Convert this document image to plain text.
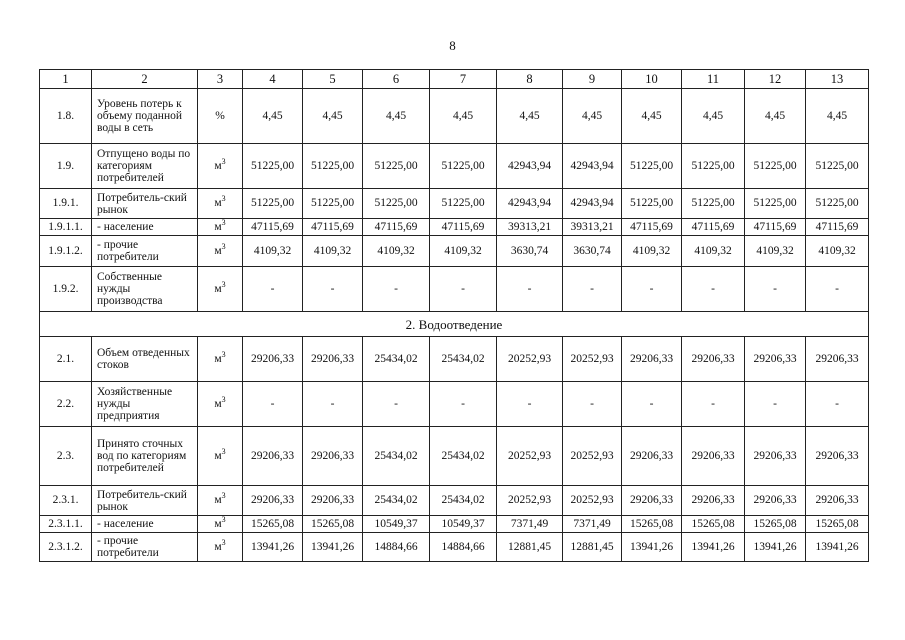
8
1	2	3	4	5	6	7	8	9	10	11	12	13
1.8.	Уровень потерь к объему поданной воды в сеть	%	4,45	4,45	4,45	4,45	4,45	4,45	4,45	4,45	4,45	4,45
1.9.	Отпущено воды по категориям потребителей	$м^3$	51225,00	51225,00	51225,00	51225,00	42943,94	42943,94	51225,00	51225,00	51225,00	51225,00
1.9.1.	Потребитель-ский рынок	$м^3$	51225,00	51225,00	51225,00	51225,00	42943,94	42943,94	51225,00	51225,00	51225,00	51225,00
1.9.1.1.	- население	$м^3$	47115,69	47115,69	47115,69	47115,69	39313,21	39313,21	47115,69	47115,69	47115,69	47115,69
1.9.1.2.	- прочие потребители	$м^3$	4109,32	4109,32	4109,32	4109,32	3630,74	3630,74	4109,32	4109,32	4109,32	4109,32
1.9.2.	Собственные нужды производства	$м^3$	-	-	-	-	-	-	-	-	-	-
2. Водоотведение												
2.1.	Объем отведенных стоков	$м^3$	29206,33	29206,33	25434,02	25434,02	20252,93	20252,93	29206,33	29206,33	29206,33	29206,33
2.2.	Хозяйственные нужды предприятия	$м^3$	-	-	-	-	-	-	-	-	-	-
2.3.	Принято сточных вод по категориям потребителей	$м^3$	29206,33	29206,33	25434,02	25434,02	20252,93	20252,93	29206,33	29206,33	29206,33	29206,33
2.3.1.	Потребитель-ский рынок	$м^3$	29206,33	29206,33	25434,02	25434,02	20252,93	20252,93	29206,33	29206,33	29206,33	29206,33
2.3.1.1.	- население	$м^3$	15265,08	15265,08	10549,37	10549,37	7371,49	7371,49	15265,08	15265,08	15265,08	15265,08
2.3.1.2.	- прочие потребители	$м^3$	13941,26	13941,26	14884,66	14884,66	12881,45	12881,45	13941,26	13941,26	13941,26	13941,26
